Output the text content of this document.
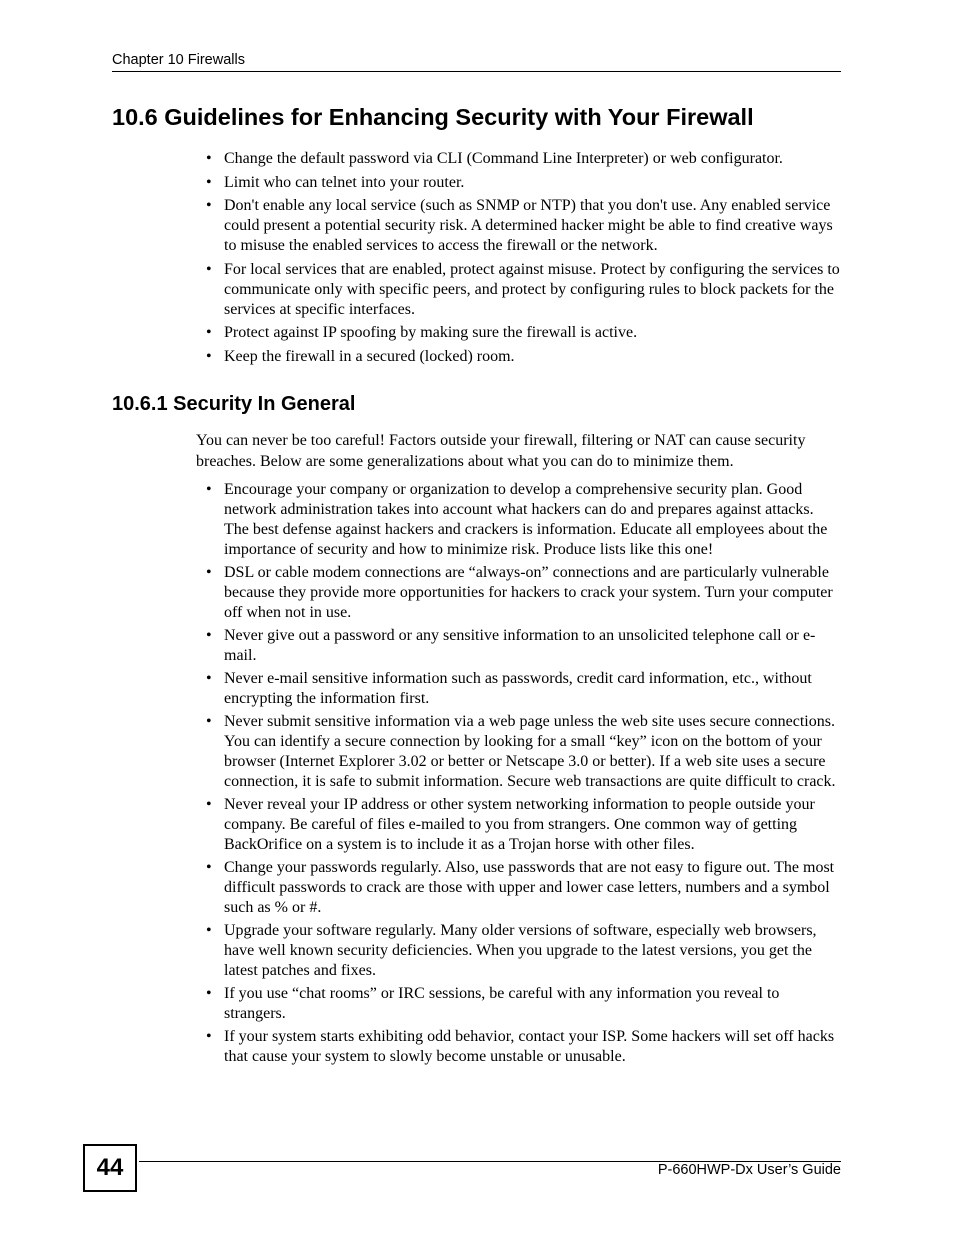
Chapter 10 Firewalls
10.6 Guidelines for Enhancing Security with Your Firewall
• Change the default password via CLI (Command Line Interpreter) or web configurator.
• Limit who can telnet into your router.
• Don't enable any local service (such as SNMP or NTP) that you don't use. Any enabled service could present a potential security risk. A determined hacker might be able to find creative ways to misuse the enabled services to access the firewall or the network.
• For local services that are enabled, protect against misuse. Protect by configuring the services to communicate only with specific peers, and protect by configuring rules to block packets for the services at specific interfaces.
• Protect against IP spoofing by making sure the firewall is active.
• Keep the firewall in a secured (locked) room.
10.6.1 Security In General

You can never be too careful! Factors outside your firewall, filtering or NAT can cause security breaches. Below are some generalizations about what you can do to minimize them.

• Encourage your company or organization to develop a comprehensive security plan. Good network administration takes into account what hackers can do and prepares against attacks. The best defense against hackers and crackers is information. Educate all employees about the importance of security and how to minimize risk. Produce lists like this one!
• DSL or cable modem connections are “always-on” connections and are particularly vulnerable because they provide more opportunities for hackers to crack your system. Turn your computer off when not in use.
• Never give out a password or any sensitive information to an unsolicited telephone call or e-mail.
• Never e-mail sensitive information such as passwords, credit card information, etc., without encrypting the information first.
• Never submit sensitive information via a web page unless the web site uses secure connections. You can identify a secure connection by looking for a small “key” icon on the bottom of your browser (Internet Explorer 3.02 or better or Netscape 3.0 or better). If a web site uses a secure connection, it is safe to submit information. Secure web transactions are quite difficult to crack.
• Never reveal your IP address or other system networking information to people outside your company. Be careful of files e-mailed to you from strangers. One common way of getting BackOrifice on a system is to include it as a Trojan horse with other files.
• Change your passwords regularly. Also, use passwords that are not easy to figure out. The most difficult passwords to crack are those with upper and lower case letters, numbers and a symbol such as % or #.
• Upgrade your software regularly. Many older versions of software, especially web browsers, have well known security deficiencies. When you upgrade to the latest versions, you get the latest patches and fixes.
• If you use “chat rooms” or IRC sessions, be careful with any information you reveal to strangers.
• If your system starts exhibiting odd behavior, contact your ISP. Some hackers will set off hacks that cause your system to slowly become unstable or unusable.
44	P-660HWP-Dx User’s Guide
